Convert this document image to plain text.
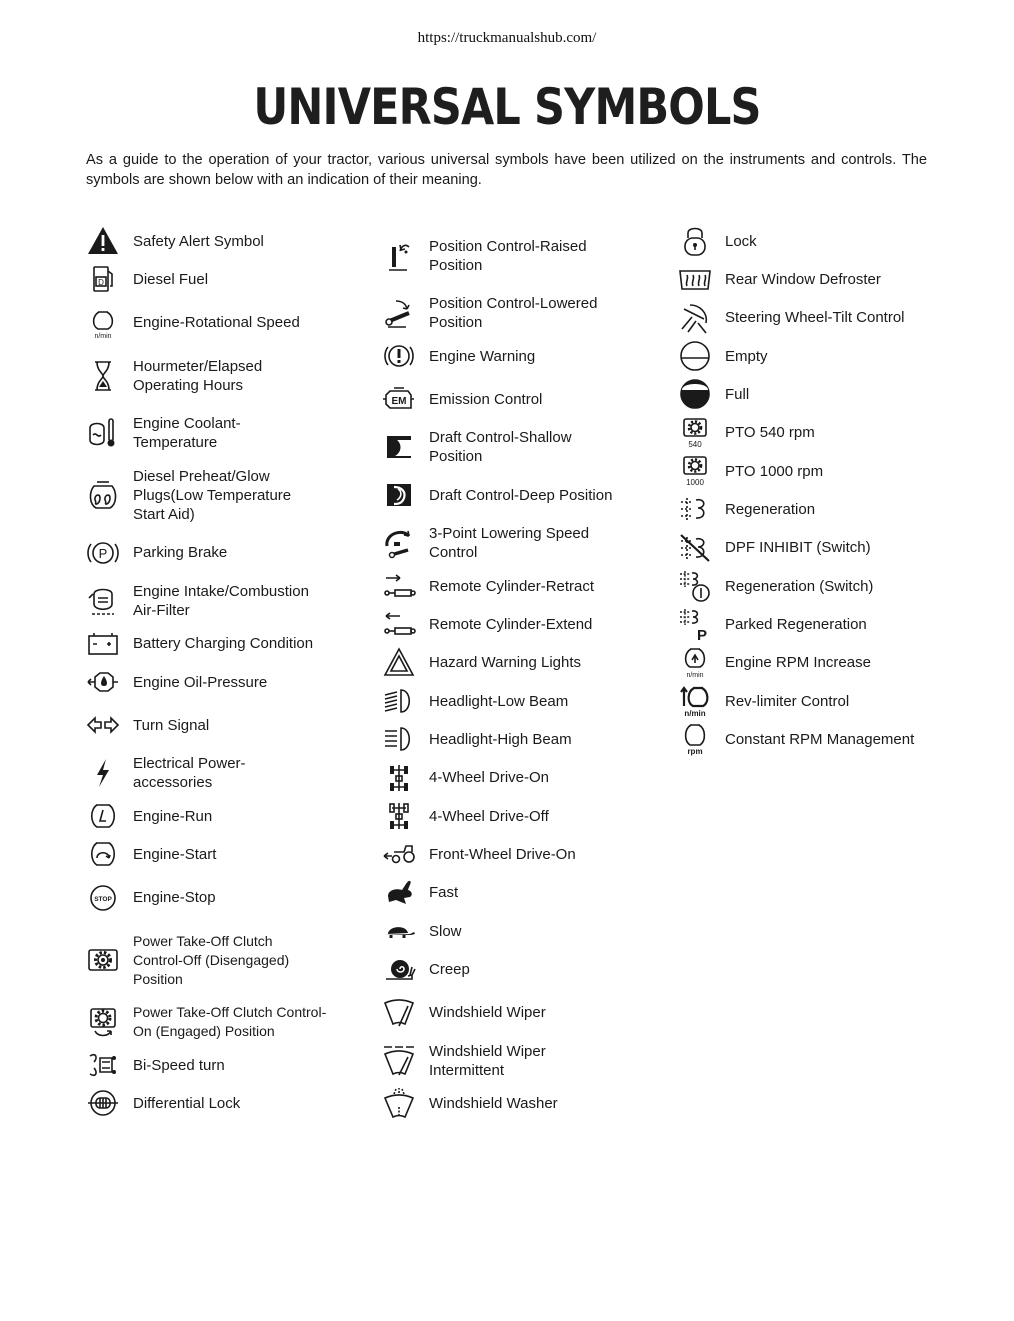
https://truckmanualshub.com/
UNIVERSAL SYMBOLS

As a guide to the operation of your tractor, various universal symbols have been utilized on the instruments and controls. The symbols are shown below with an indication of their meaning.

Safety Alert Symbol
D Diesel Fuel
n/min
Engine-Rotational Speed
Hourmeter/Elapsed Operating Hours
Engine Coolant-Temperature
Diesel Preheat/Glow Plugs(Low Temperature Start Aid)
P Parking Brake
Engine Intake/Combustion Air-Filter
Battery Charging Condition
Engine Oil-Pressure
Turn Signal
Electrical Power-accessories
Engine-Run
Engine-Start
STOP Engine-Stop
Power Take-Off Clutch Control-Off (Disengaged) Position
Power Take-Off Clutch Control-On (Engaged) Position
Bi-Speed turn
Differential Lock
Position Control-Raised Position
Position Control-Lowered Position
Engine Warning
EM Emission Control
Draft Control-Shallow Position
Draft Control-Deep Position
3-Point Lowering Speed Control
Remote Cylinder-Retract
Remote Cylinder-Extend
Hazard Warning Lights
Headlight-Low Beam
Headlight-High Beam
4-Wheel Drive-On
4-Wheel Drive-Off
Front-Wheel Drive-On
Fast
Slow
Creep
Windshield Wiper
Windshield Wiper Intermittent
Windshield Washer
Lock
Rear Window Defroster
Steering Wheel-Tilt Control
Empty
Full
540
PTO 540 rpm
1000
PTO 1000 rpm
Regeneration
DPF INHIBIT (Switch)
Regeneration (Switch)
P
Parked Regeneration
n/min
Engine RPM Increase
n/min
Rev-limiter Control
rpm
Constant RPM Management
